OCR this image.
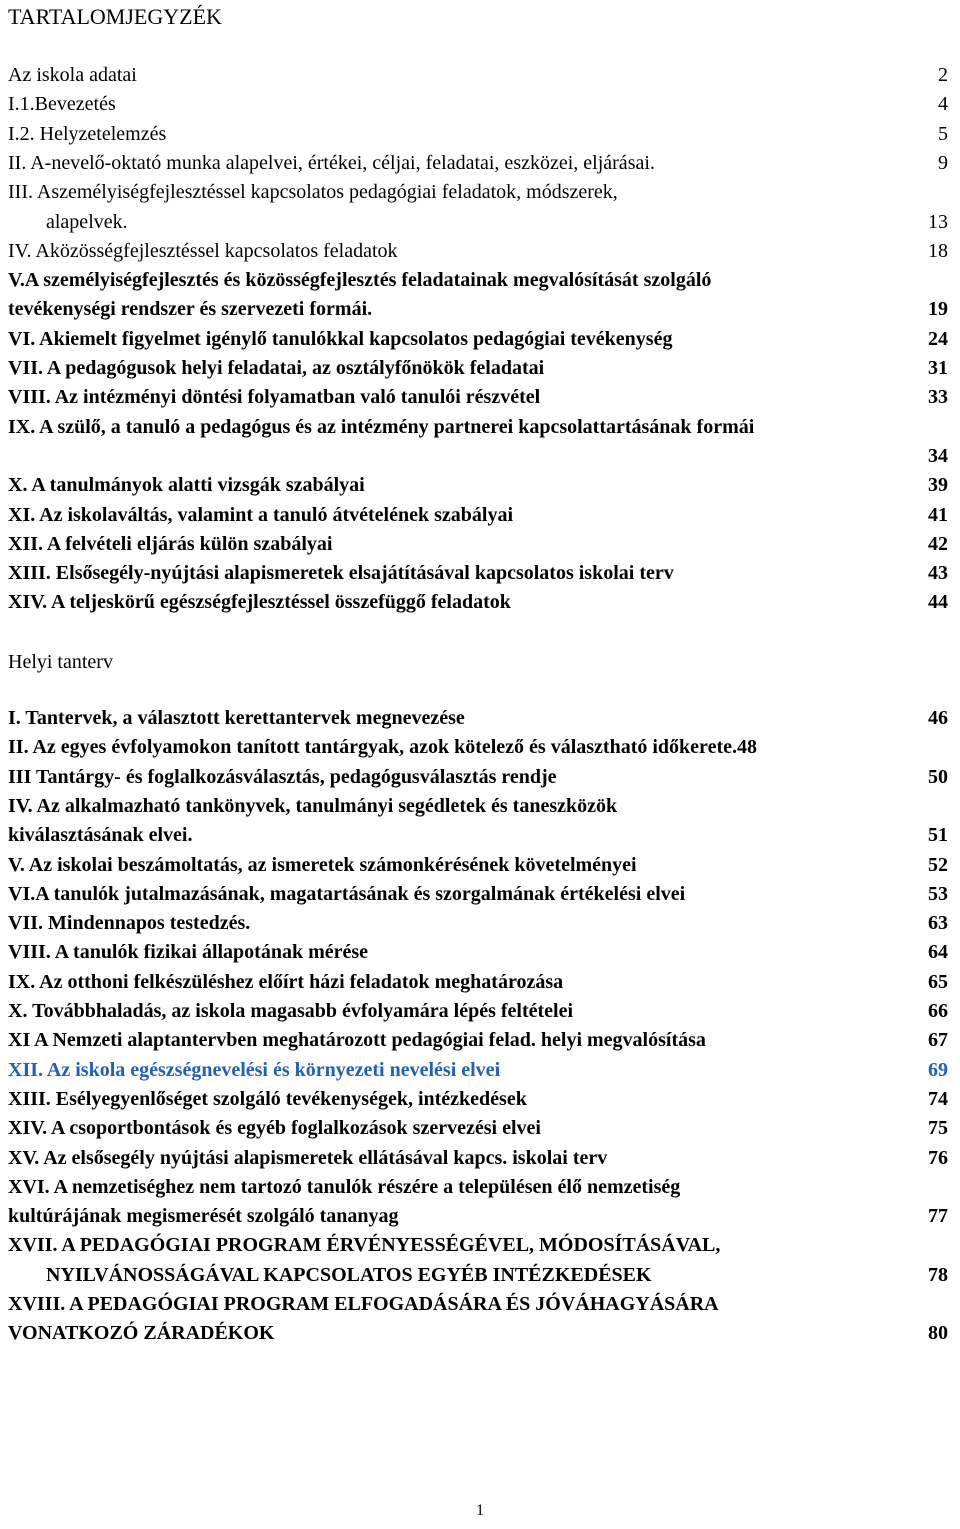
TARTALOMJEGYZÉK
Az iskola adatai	2
I.1.Bevezetés	4
I.2. Helyzetelemzés	5
II. A-nevelő-oktató munka alapelvei, értékei, céljai, feladatai, eszközei, eljárásai.	9
III. Aszemélyiségfejlesztéssel kapcsolatos pedagógiai feladatok, módszerek,
alapelvek.	13
IV. Aközösségfejlesztéssel kapcsolatos feladatok	18
V.A személyiségfejlesztés és közösségfejlesztés feladatainak megvalósítását szolgáló
tevékenységi rendszer és szervezeti formái.	19
VI. Akiemelt figyelmet igénylő tanulókkal kapcsolatos pedagógiai tevékenység	24
VII. A pedagógusok helyi feladatai, az osztályfőnökök feladatai	31
VIII. Az intézményi döntési folyamatban való tanulói részvétel	33
IX. A szülő, a tanuló a pedagógus és az intézmény partnerei kapcsolattartásának formái
34
X. A tanulmányok alatti vizsgák szabályai	39
XI. Az iskolaváltás, valamint a tanuló átvételének szabályai	41
XII. A felvételi eljárás külön szabályai	42
XIII. Elsősegély-nyújtási alapismeretek elsajátításával kapcsolatos iskolai terv	43
XIV. A teljeskörű egészségfejlesztéssel összefüggő feladatok	44
Helyi tanterv
I. Tantervek, a választott kerettantervek megnevezése	46
II. Az egyes évfolyamokon tanított tantárgyak, azok kötelező és választható időkerete.48
III Tantárgy- és foglalkozásválasztás, pedagógusválasztás rendje	50
IV. Az alkalmazható tankönyvek, tanulmányi segédletek és taneszközök
kiválasztásának elvei.	51
V. Az iskolai beszámoltatás, az ismeretek számonkérésének követelményei	52
VI.A tanulók jutalmazásának, magatartásának és szorgalmának értékelési elvei	53
VII. Mindennapos testedzés.	63
VIII. A tanulók fizikai állapotának mérése	64
IX. Az otthoni felkészüléshez előírt házi feladatok meghatározása	65
X. Továbbhaladás, az iskola magasabb évfolyamára lépés feltételei	66
XI A Nemzeti alaptantervben meghatározott pedagógiai felad. helyi megvalósítása	67
XII. Az iskola egészségnevelési és környezeti nevelési elvei	69
XIII. Esélyegyenlőséget szolgáló tevékenységek, intézkedések	74
XIV. A csoportbontások és egyéb foglalkozások szervezési elvei	75
XV. Az elsősegély nyújtási alapismeretek ellátásával kapcs. iskolai terv	76
XVI. A nemzetiséghez nem tartozó tanulók részére a településen élő nemzetiség
kultúrájának megismerését szolgáló tananyag	77
XVII. A PEDAGÓGIAI PROGRAM ÉRVÉNYESSÉGÉVEL, MÓDOSÍTÁSÁVAL,
NYILVÁNOSSÁGÁVAL KAPCSOLATOS EGYÉB INTÉZKEDÉSEK	78
XVIII. A PEDAGÓGIAI PROGRAM ELFOGADÁSÁRA ÉS JÓVÁHAGYÁSÁRA
VONATKOZÓ ZÁRADÉKOK	80
1
